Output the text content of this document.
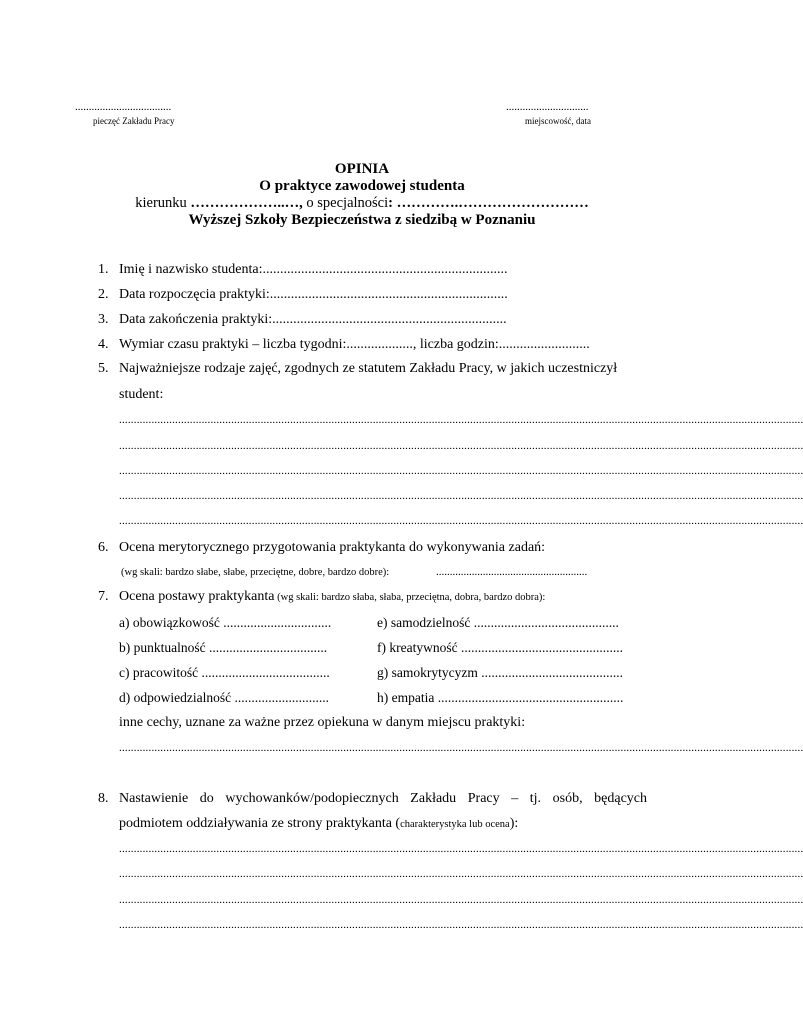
...................................
pieczęć Zakładu Pracy
..............................
miejscowość, data
OPINIA
O praktyce zawodowej studenta
kierunku ………………..…, o specjalności: ………….………………………
Wyższej Szkoły Bezpieczeństwa z siedzibą w Poznaniu
1. Imię i nazwisko studenta:......................................................................
2. Data rozpoczęcia praktyki:....................................................................
3. Data zakończenia praktyki:...................................................................
4. Wymiar czasu praktyki – liczba tygodni:..................., liczba godzin:..........................
5. Najważniejsze rodzaje zajęć, zgodnych ze statutem Zakładu Pracy, w jakich uczestniczył
student:
........................................................................................................................................................................................................................................
........................................................................................................................................................................................................................................
........................................................................................................................................................................................................................................
........................................................................................................................................................................................................................................
........................................................................................................................................................................................................................................
6. Ocena merytorycznego przygotowania praktykanta do wykonywania zadań:
(wg skali: bardzo słabe, słabe, przeciętne, dobre, bardzo dobre):	.......................................................
7. Ocena postawy praktykanta (wg skali: bardzo słaba, słaba, przeciętna, dobra, bardzo dobra):
a) obowiązkowość ................................
b) punktualność ...................................
c) pracowitość ......................................
d) odpowiedzialność ............................
e) samodzielność ...........................................
f) kreatywność ................................................
g) samokrytycyzm ..........................................
h) empatia .......................................................
inne cechy, uznane za ważne przez opiekuna w danym miejscu praktyki:
........................................................................................................................................................................................................................................
8. Nastawienie do wychowanków/podopiecznych Zakładu Pracy – tj. osób, będących
podmiotem oddziaływania ze strony praktykanta (charakterystyka lub ocena):
........................................................................................................................................................................................................................................
........................................................................................................................................................................................................................................
........................................................................................................................................................................................................................................
........................................................................................................................................................................................................................................
